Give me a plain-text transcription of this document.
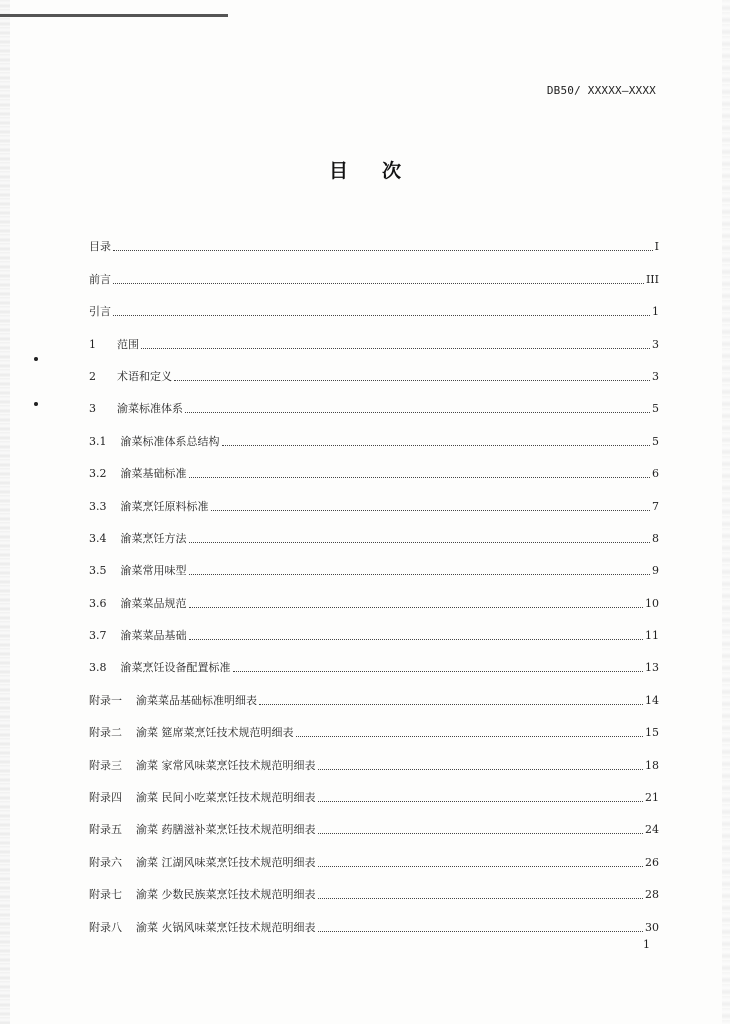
DB50/ XXXXX—XXXX
目次
目录	I
前言	III
引言	1
1	范围	3
2	术语和定义	3
3	渝菜标准体系	5
3.1 渝菜标准体系总结构	5
3.2 渝菜基础标准	6
3.3 渝菜烹饪原料标准	7
3.4 渝菜烹饪方法	8
3.5 渝菜常用味型	9
3.6 渝菜菜品规范	10
3.7 渝菜菜品基础	11
3.8 渝菜烹饪设备配置标准	13
附录一 渝菜菜品基础标准明细表	14
附录二 渝菜 筵席菜烹饪技术规范明细表	15
附录三 渝菜 家常风味菜烹饪技术规范明细表	18
附录四 渝菜 民间小吃菜烹饪技术规范明细表	21
附录五 渝菜 药膳滋补菜烹饪技术规范明细表	24
附录六 渝菜 江湖风味菜烹饪技术规范明细表	26
附录七 渝菜 少数民族菜烹饪技术规范明细表	28
附录八 渝菜 火锅风味菜烹饪技术规范明细表	30
1
